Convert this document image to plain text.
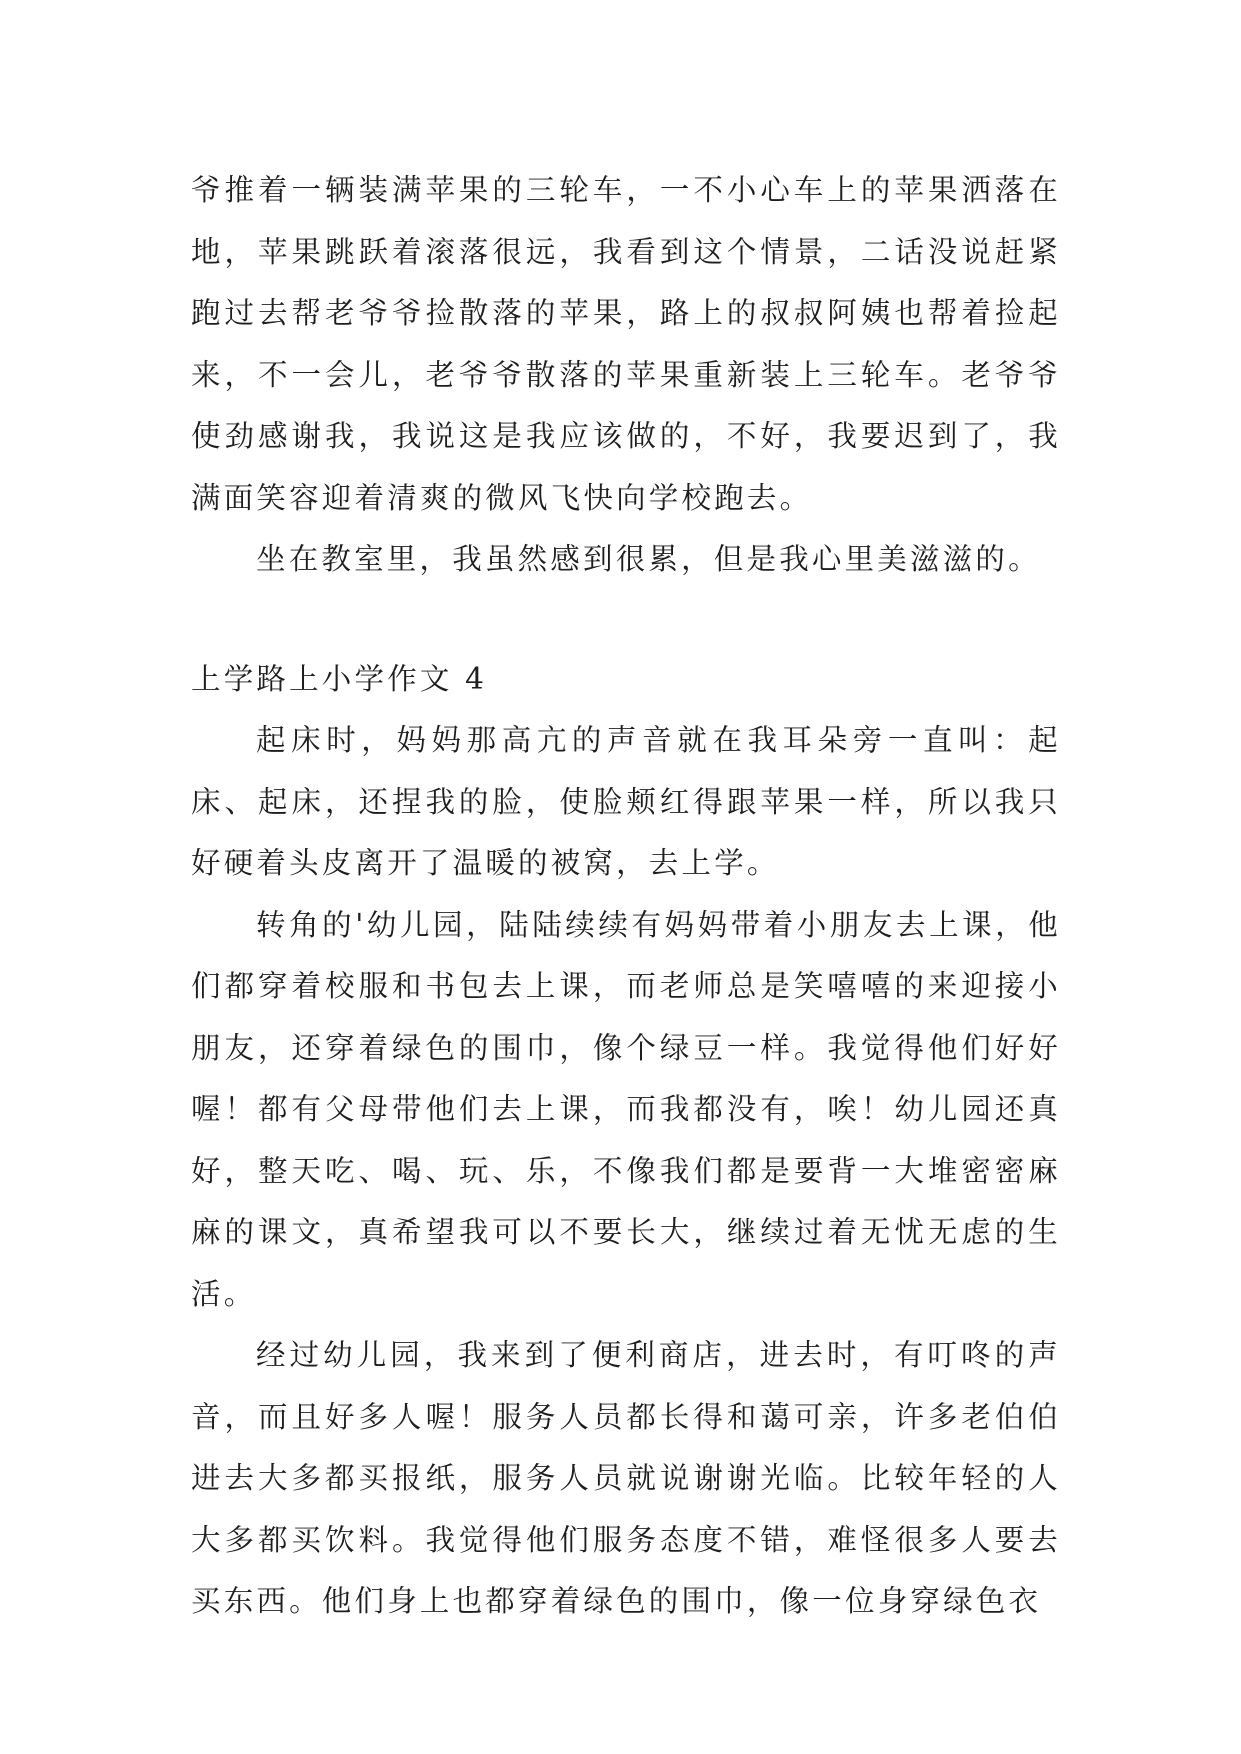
爷推着一辆装满苹果的三轮车，一不小心车上的苹果洒落在地，苹果跳跃着滚落很远，我看到这个情景，二话没说赶紧跑过去帮老爷爷捡散落的苹果，路上的叔叔阿姨也帮着捡起来，不一会儿，老爷爷散落的苹果重新装上三轮车。老爷爷使劲感谢我，我说这是我应该做的，不好，我要迟到了，我满面笑容迎着清爽的微风飞快向学校跑去。

坐在教室里，我虽然感到很累，但是我心里美滋滋的。

上学路上小学作文 4

起床时，妈妈那高亢的声音就在我耳朵旁一直叫：起床、起床，还捏我的脸，使脸颊红得跟苹果一样，所以我只好硬着头皮离开了温暖的被窝，去上学。

转角的'幼儿园，陆陆续续有妈妈带着小朋友去上课，他们都穿着校服和书包去上课，而老师总是笑嘻嘻的来迎接小朋友，还穿着绿色的围巾，像个绿豆一样。我觉得他们好好喔！都有父母带他们去上课，而我都没有，唉！幼儿园还真好，整天吃、喝、玩、乐，不像我们都是要背一大堆密密麻麻的课文，真希望我可以不要长大，继续过着无忧无虑的生活。

经过幼儿园，我来到了便利商店，进去时，有叮咚的声音，而且好多人喔！服务人员都长得和蔼可亲，许多老伯伯进去大多都买报纸，服务人员就说谢谢光临。比较年轻的人大多都买饮料。我觉得他们服务态度不错，难怪很多人要去买东西。他们身上也都穿着绿色的围巾，像一位身穿绿色衣
